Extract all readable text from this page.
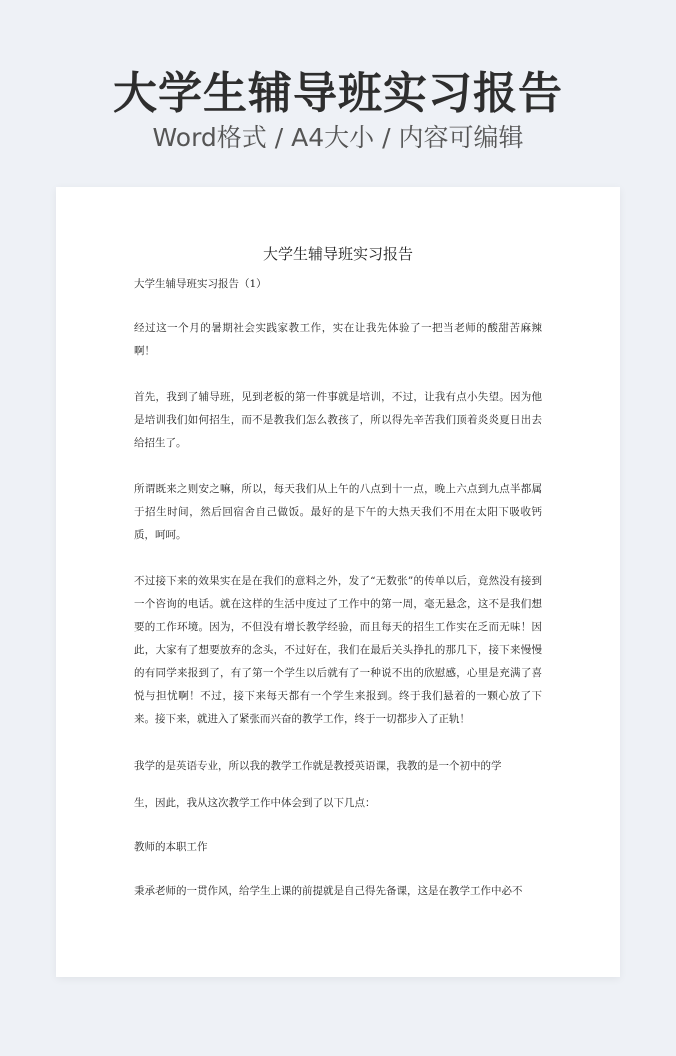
大学生辅导班实习报告
Word格式 / A4大小 / 内容可编辑
大学生辅导班实习报告
大学生辅导班实习报告（1）
经过这一个月的暑期社会实践家教工作，实在让我先体验了一把当老师的酸甜苦麻辣啊！
首先，我到了辅导班，见到老板的第一件事就是培训，不过，让我有点小失望。因为他是培训我们如何招生，而不是教我们怎么教孩了，所以得先辛苦我们顶着炎炎夏日出去给招生了。
所谓既来之则安之嘛，所以，每天我们从上午的八点到十一点，晚上六点到九点半都属于招生时间，然后回宿舍自己做饭。最好的是下午的大热天我们不用在太阳下吸收钙质，呵呵。
不过接下来的效果实在是在我们的意料之外，发了“无数张”的传单以后，竟然没有接到一个咨询的电话。就在这样的生活中度过了工作中的第一周，毫无悬念，这不是我们想要的工作环境。因为，不但没有增长教学经验，而且每天的招生工作实在乏而无味！因此，大家有了想要放弃的念头，不过好在，我们在最后关头挣扎的那几下，接下来慢慢的有同学来报到了，有了第一个学生以后就有了一种说不出的欣慰感，心里是充满了喜悦与担忧啊！不过，接下来每天都有一个学生来报到。终于我们悬着的一颗心放了下来。接下来，就进入了紧张而兴奋的教学工作，终于一切都步入了正轨！
我学的是英语专业，所以我的教学工作就是教授英语课，我教的是一个初中的学
生，因此，我从这次教学工作中体会到了以下几点：
教师的本职工作
秉承老师的一贯作风，给学生上课的前提就是自己得先备课，这是在教学工作中必不
